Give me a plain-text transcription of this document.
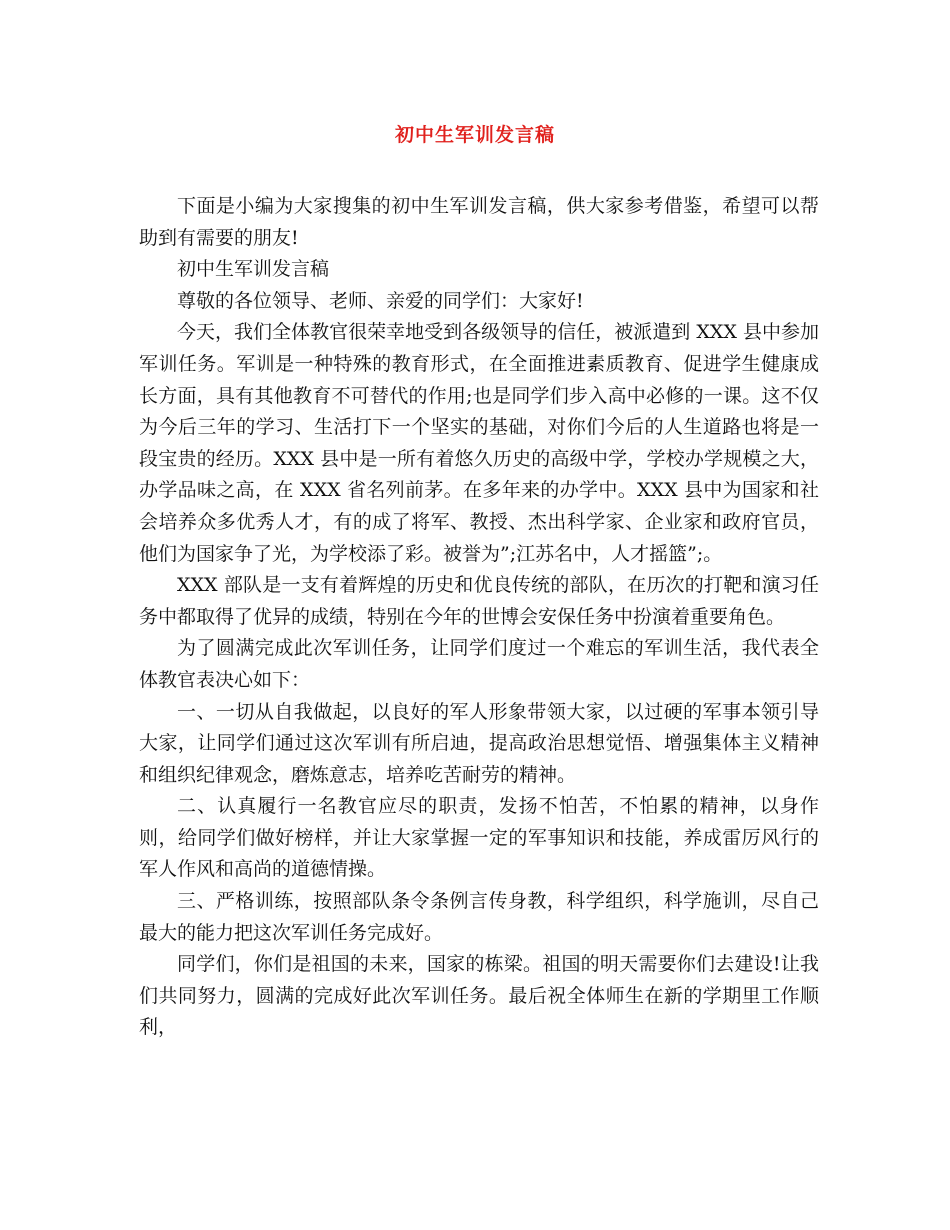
初中生军训发言稿

下面是小编为大家搜集的初中生军训发言稿，供大家参考借鉴，希望可以帮助到有需要的朋友!

初中生军训发言稿

尊敬的各位领导、老师、亲爱的同学们：大家好!

今天，我们全体教官很荣幸地受到各级领导的信任，被派遣到 XXX 县中参加军训任务。军训是一种特殊的教育形式，在全面推进素质教育、促进学生健康成长方面，具有其他教育不可替代的作用;也是同学们步入高中必修的一课。这不仅为今后三年的学习、生活打下一个坚实的基础，对你们今后的人生道路也将是一段宝贵的经历。XXX 县中是一所有着悠久历史的高级中学，学校办学规模之大，办学品味之高，在 XXX 省名列前茅。在多年来的办学中。XXX 县中为国家和社会培养众多优秀人才，有的成了将军、教授、杰出科学家、企业家和政府官员，他们为国家争了光，为学校添了彩。被誉为”;江苏名中，人才摇篮”;。

XXX 部队是一支有着辉煌的历史和优良传统的部队，在历次的打靶和演习任务中都取得了优异的成绩，特别在今年的世博会安保任务中扮演着重要角色。

为了圆满完成此次军训任务，让同学们度过一个难忘的军训生活，我代表全体教官表决心如下：

一、一切从自我做起，以良好的军人形象带领大家，以过硬的军事本领引导大家，让同学们通过这次军训有所启迪，提高政治思想觉悟、增强集体主义精神和组织纪律观念，磨炼意志，培养吃苦耐劳的精神。

二、认真履行一名教官应尽的职责，发扬不怕苦，不怕累的精神，以身作则，给同学们做好榜样，并让大家掌握一定的军事知识和技能，养成雷厉风行的军人作风和高尚的道德情操。

三、严格训练，按照部队条令条例言传身教，科学组织，科学施训，尽自己最大的能力把这次军训任务完成好。

同学们，你们是祖国的未来，国家的栋梁。祖国的明天需要你们去建设!让我们共同努力，圆满的完成好此次军训任务。最后祝全体师生在新的学期里工作顺利，
